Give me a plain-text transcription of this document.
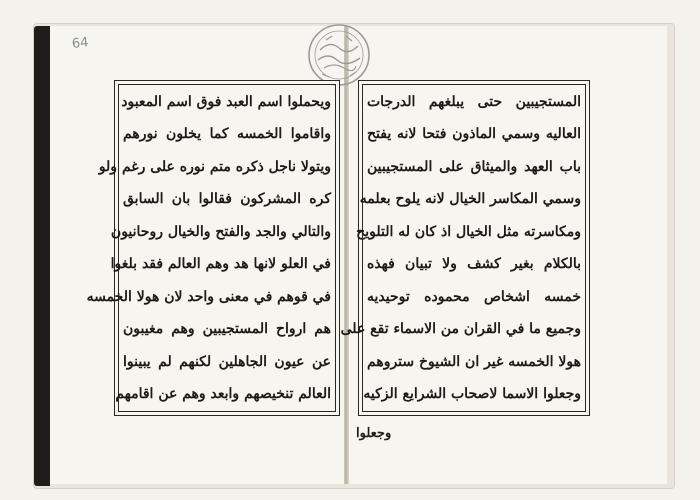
64
ويحملوا اسم العبد فوق اسم المعبود
واقاموا الخمسه كما يخلون نورهم
ويتولا ناجل ذكره متم نوره على رغم ولو
كره المشركون فقالوا بان السابق
والتالي والجد والفتح والخيال روحانيون
في العلو لانها هد وهم العالم فقد بلغوا
في قوهم في معنى واحد لان هولا الخمسه
هم ارواح المستجيبين وهم مغيبون
عن عيون الجاهلين لكنهم لم يبينوا
العالم تنخيصهم وابعد وهم عن اقامهم
المستجيبين حتى يبلغهم الدرجات
العاليه وسمي الماذون فتحا لانه يفتح
باب العهد والميثاق على المستجيبين
وسمي المكاسر الخيال لانه يلوح بعلمه
ومكاسرته مثل الخيال اذ كان له التلويح
بالكلام بغير كشف ولا تبيان فهذه
خمسه اشخاص محموده توحيديه
وجميع ما في القران من الاسماء تقع على
هولا الخمسه غير ان الشيوخ ستروهم
وجعلوا الاسما لاصحاب الشرايع الزكيه
وجعلوا
